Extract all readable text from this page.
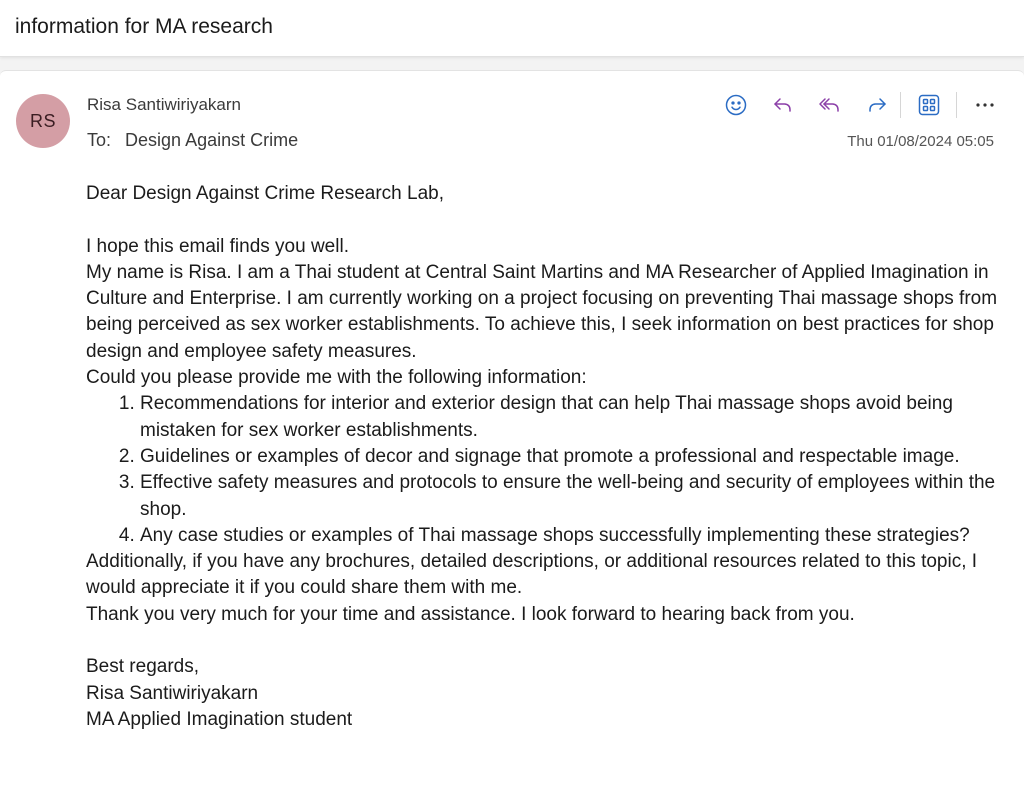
information for MA research
RS
Risa Santiwiriyakarn
To: Design Against Crime	Thu 01/08/2024 05:05

Dear Design Against Crime Research Lab,

I hope this email finds you well.

My name is Risa. I am a Thai student at Central Saint Martins and MA Researcher of Applied Imagination in Culture and Enterprise. I am currently working on a project focusing on preventing Thai massage shops from being perceived as sex worker establishments. To achieve this, I seek information on best practices for shop design and employee safety measures.

Could you please provide me with the following information:

1. Recommendations for interior and exterior design that can help Thai massage shops avoid being mistaken for sex worker establishments.
2. Guidelines or examples of decor and signage that promote a professional and respectable image.
3. Effective safety measures and protocols to ensure the well-being and security of employees within the shop.
4. Any case studies or examples of Thai massage shops successfully implementing these strategies?

Additionally, if you have any brochures, detailed descriptions, or additional resources related to this topic, I would appreciate it if you could share them with me.

Thank you very much for your time and assistance. I look forward to hearing back from you.

Best regards,

Risa Santiwiriyakarn

MA Applied Imagination student
